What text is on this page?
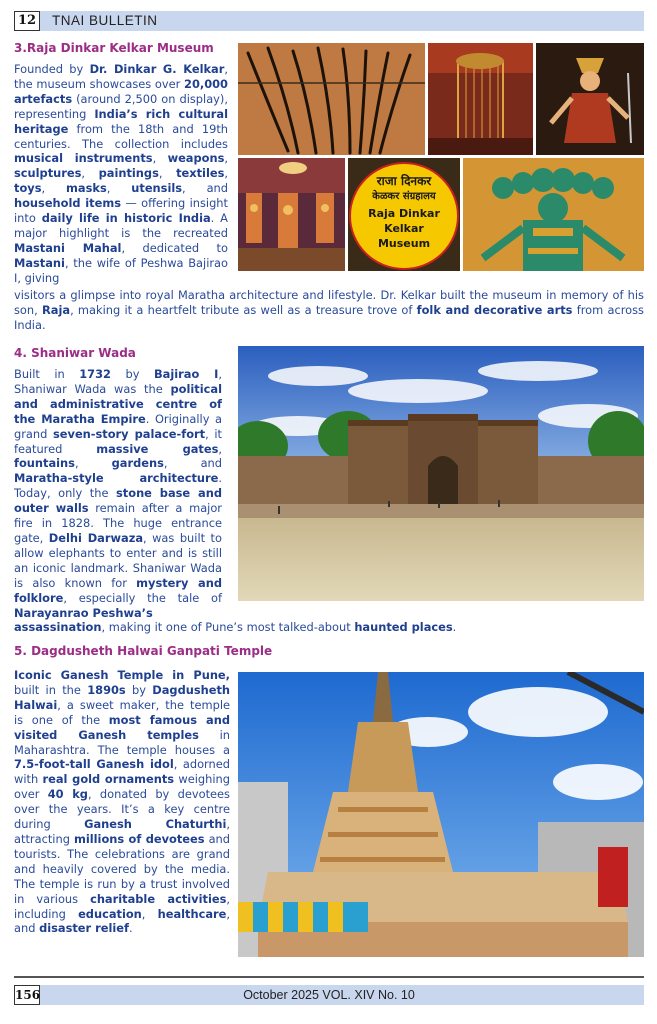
12 TNAI BULLETIN
3.Raja Dinkar Kelkar Museum
Founded by Dr. Dinkar G. Kelkar, the museum showcases over 20,000 artefacts (around 2,500 on display), representing India’s rich cultural heritage from the 18th and 19th centuries. The collection includes musical instruments, weapons, sculptures, paintings, textiles, toys, masks, utensils, and household items — offering insight into daily life in historic India. A major highlight is the recreated Mastani Mahal, dedicated to Mastani, the wife of Peshwa Bajirao I, giving
visitors a glimpse into royal Maratha architecture and lifestyle. Dr. Kelkar built the museum in memory of his son, Raja, making it a heartfelt tribute as well as a treasure trove of folk and decorative arts from across India.
राजा दिनकर
केळकर संग्रहालय
Raja Dinkar
Kelkar
Museum
4. Shaniwar Wada
Built in 1732 by Bajirao I, Shaniwar Wada was the political and administrative centre of the Maratha Empire. Originally a grand seven-story palace-fort, it featured massive gates, fountains, gardens, and Maratha-style architecture. Today, only the stone base and outer walls remain after a major fire in 1828. The huge entrance gate, Delhi Darwaza, was built to allow elephants to enter and is still an iconic landmark. Shaniwar Wada is also known for mystery and folklore, especially the tale of Narayanrao Peshwa’s
assassination, making it one of Pune’s most talked-about haunted places.
5. Dagdusheth Halwai Ganpati Temple
Iconic Ganesh Temple in Pune, built in the 1890s by Dagdusheth Halwai, a sweet maker, the temple is one of the most famous and visited Ganesh temples in Maharashtra. The temple houses a 7.5-foot-tall Ganesh idol, adorned with real gold ornaments weighing over 40 kg, donated by devotees over the years. It’s a key centre during Ganesh Chaturthi, attracting millions of devotees and tourists. The celebrations are grand and heavily covered by the media. The temple is run by a trust involved in various charitable activities, including education, healthcare, and disaster relief.
October 2025 VOL. XIV No. 10
156
